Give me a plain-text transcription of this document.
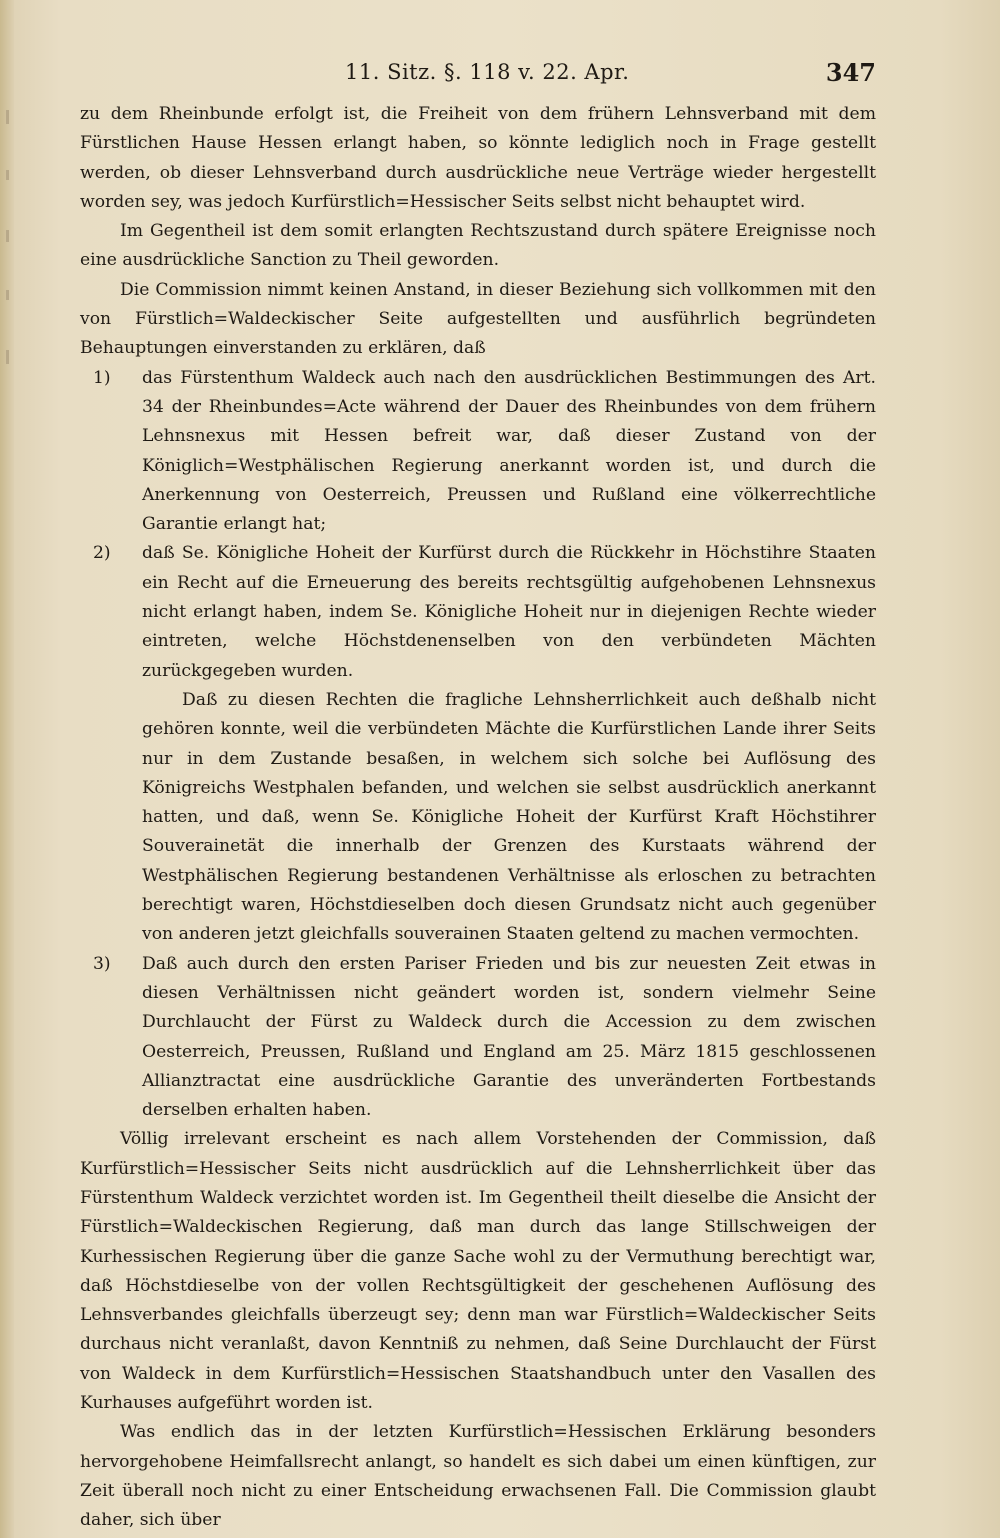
11. Sitz. §. 118 v. 22. Apr.	347

zu dem Rheinbunde erfolgt ist, die Freiheit von dem frühern Lehnsverband mit dem Fürstlichen Hause Hessen erlangt haben, so könnte lediglich noch in Frage gestellt werden, ob dieser Lehnsverband durch ausdrückliche neue Verträge wieder hergestellt worden sey, was jedoch Kurfürstlich=Hessischer Seits selbst nicht behauptet wird.

Im Gegentheil ist dem somit erlangten Rechtszustand durch spätere Ereignisse noch eine ausdrückliche Sanction zu Theil geworden.

Die Commission nimmt keinen Anstand, in dieser Beziehung sich vollkommen mit den von Fürstlich=Waldeckischer Seite aufgestellten und ausführlich begründeten Behauptungen einverstanden zu erklären, daß

1) das Fürstenthum Waldeck auch nach den ausdrücklichen Bestimmungen des Art. 34 der Rheinbundes=Acte während der Dauer des Rheinbundes von dem frühern Lehnsnexus mit Hessen befreit war, daß dieser Zustand von der Königlich=Westphälischen Regierung anerkannt worden ist, und durch die Anerkennung von Oesterreich, Preussen und Rußland eine völkerrechtliche Garantie erlangt hat;

2) daß Se. Königliche Hoheit der Kurfürst durch die Rückkehr in Höchstihre Staaten ein Recht auf die Erneuerung des bereits rechtsgültig aufgehobenen Lehnsnexus nicht erlangt haben, indem Se. Königliche Hoheit nur in diejenigen Rechte wieder eintreten, welche Höchstdenenselben von den verbündeten Mächten zurückgegeben wurden.

Daß zu diesen Rechten die fragliche Lehnsherrlichkeit auch deßhalb nicht gehören konnte, weil die verbündeten Mächte die Kurfürstlichen Lande ihrer Seits nur in dem Zustande besaßen, in welchem sich solche bei Auflösung des Königreichs Westphalen befanden, und welchen sie selbst ausdrücklich anerkannt hatten, und daß, wenn Se. Königliche Hoheit der Kurfürst Kraft Höchstihrer Souverainetät die innerhalb der Grenzen des Kurstaats während der Westphälischen Regierung bestandenen Verhältnisse als erloschen zu betrachten berechtigt waren, Höchstdieselben doch diesen Grundsatz nicht auch gegenüber von anderen jetzt gleichfalls souverainen Staaten geltend zu machen vermochten.

3) Daß auch durch den ersten Pariser Frieden und bis zur neuesten Zeit etwas in diesen Verhältnissen nicht geändert worden ist, sondern vielmehr Seine Durchlaucht der Fürst zu Waldeck durch die Accession zu dem zwischen Oesterreich, Preussen, Rußland und England am 25. März 1815 geschlossenen Allianztractat eine ausdrückliche Garantie des unveränderten Fortbestands derselben erhalten haben.

Völlig irrelevant erscheint es nach allem Vorstehenden der Commission, daß Kurfürstlich=Hessischer Seits nicht ausdrücklich auf die Lehnsherrlichkeit über das Fürstenthum Waldeck verzichtet worden ist. Im Gegentheil theilt dieselbe die Ansicht der Fürstlich=Waldeckischen Regierung, daß man durch das lange Stillschweigen der Kurhessischen Regierung über die ganze Sache wohl zu der Vermuthung berechtigt war, daß Höchstdieselbe von der vollen Rechtsgültigkeit der geschehenen Auflösung des Lehnsverbandes gleichfalls überzeugt sey; denn man war Fürstlich=Waldeckischer Seits durchaus nicht veranlaßt, davon Kenntniß zu nehmen, daß Seine Durchlaucht der Fürst von Waldeck in dem Kurfürstlich=Hessischen Staatshandbuch unter den Vasallen des Kurhauses aufgeführt worden ist.

Was endlich das in der letzten Kurfürstlich=Hessischen Erklärung besonders hervorgehobene Heimfallsrecht anlangt, so handelt es sich dabei um einen künftigen, zur Zeit überall noch nicht zu einer Entscheidung erwachsenen Fall. Die Commission glaubt daher, sich über
